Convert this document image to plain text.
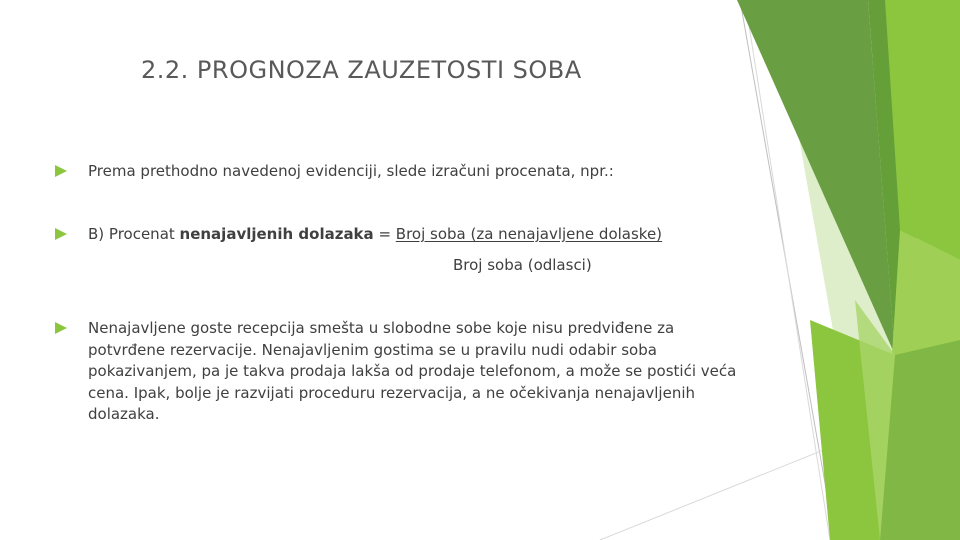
2.2. PROGNOZA ZAUZETOSTI SOBA
Prema prethodno navedenoj evidenciji, slede izračuni procenata, npr.:
B) Procenat nenajavljenih dolazaka = Broj soba (za nenajavljene dolaske)
Broj soba (odlasci)
Nenajavljene goste recepcija smešta u slobodne sobe koje nisu predviđene za potvrđene rezervacije. Nenajavljenim gostima se u pravilu nudi odabir soba pokazivanjem, pa je takva prodaja lakša od prodaje telefonom, a može se postići veća cena. Ipak, bolje je razvijati proceduru rezervacija, a ne očekivanja nenajavljenih dolazaka.
